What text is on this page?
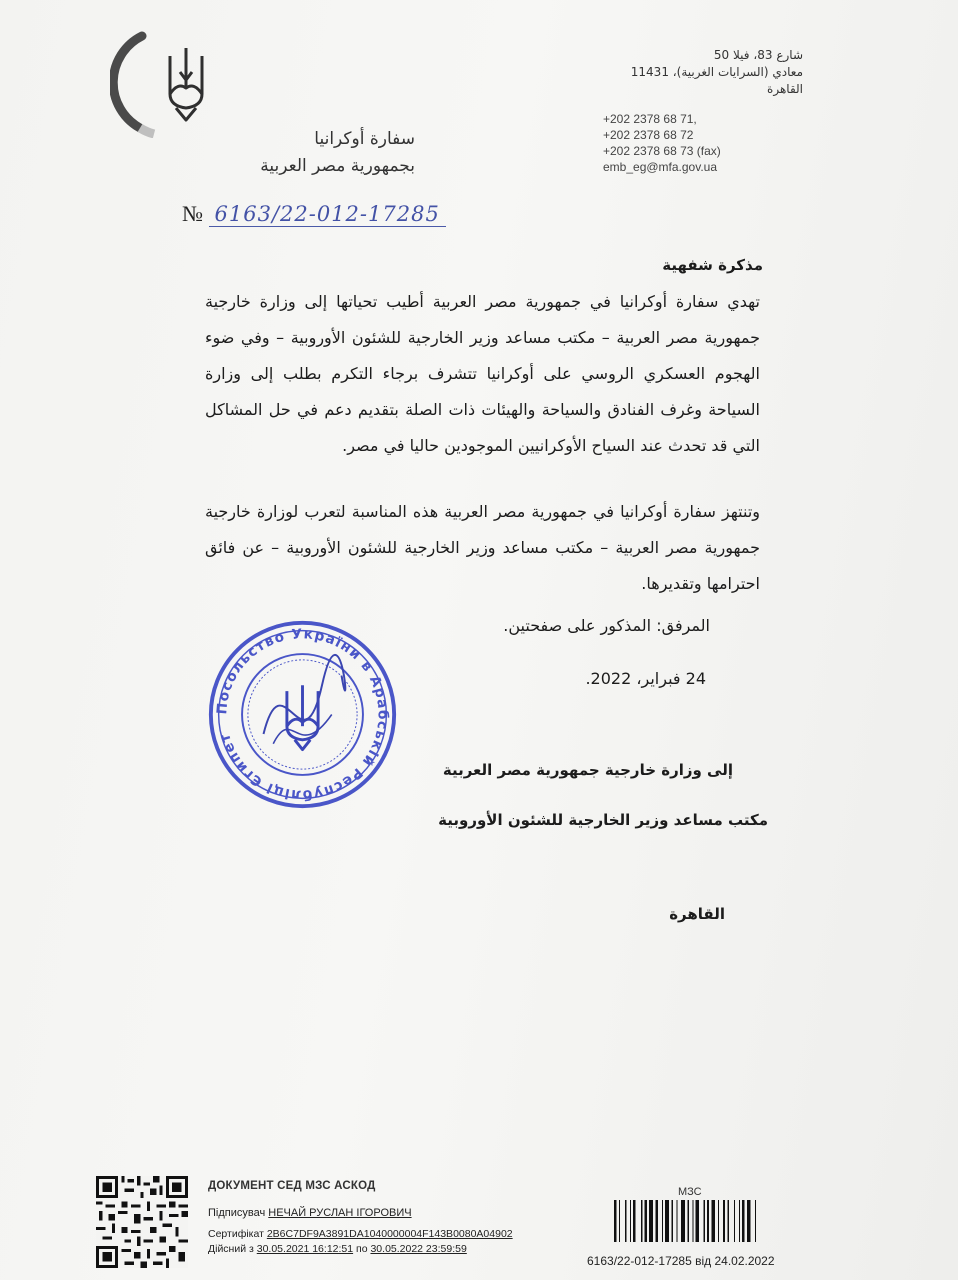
سفارة أوكرانيا
بجمهورية مصر العربية
شارع 83، فيلا 50
معادي (السرايات الغربية)، 11431
القاهرة
+202 2378 68 71,
+202 2378 68 72
+202 2378 68 73 (fax)
emb_eg@mfa.gov.ua
№ 6163/22-012-17285
مذكرة شفهية
تهدي سفارة أوكرانيا في جمهورية مصر العربية أطيب تحياتها إلى وزارة خارجية جمهورية مصر العربية – مكتب مساعد وزير الخارجية للشئون الأوروبية – وفي ضوء الهجوم العسكري الروسي على أوكرانيا تتشرف برجاء التكرم بطلب إلى وزارة السياحة وغرف الفنادق والسياحة والهيئات ذات الصلة بتقديم دعم في حل المشاكل التي قد تحدث عند السياح الأوكرانيين الموجودين حاليا في مصر.
وتنتهز سفارة أوكرانيا في جمهورية مصر العربية هذه المناسبة لتعرب لوزارة خارجية جمهورية مصر العربية – مكتب مساعد وزير الخارجية للشئون الأوروبية – عن فائق احترامها وتقديرها.
المرفق: المذكور على صفحتين.
24 فبراير، 2022.
Посольство України в Арабській Республіці Єгипет
إلى وزارة خارجية جمهورية مصر العربية
مكتب مساعد وزير الخارجية للشئون الأوروبية
القاهرة
ДОКУМЕНТ СЕД МЗС АСКОД
Підписувач НЕЧАЙ РУСЛАН ІГОРОВИЧ
Сертифікат 2B6C7DF9A3891DA1040000004F143B0080A04902
Дійсний з 30.05.2021 16:12:51 по 30.05.2022 23:59:59
МЗС
6163/22-012-17285 від 24.02.2022
